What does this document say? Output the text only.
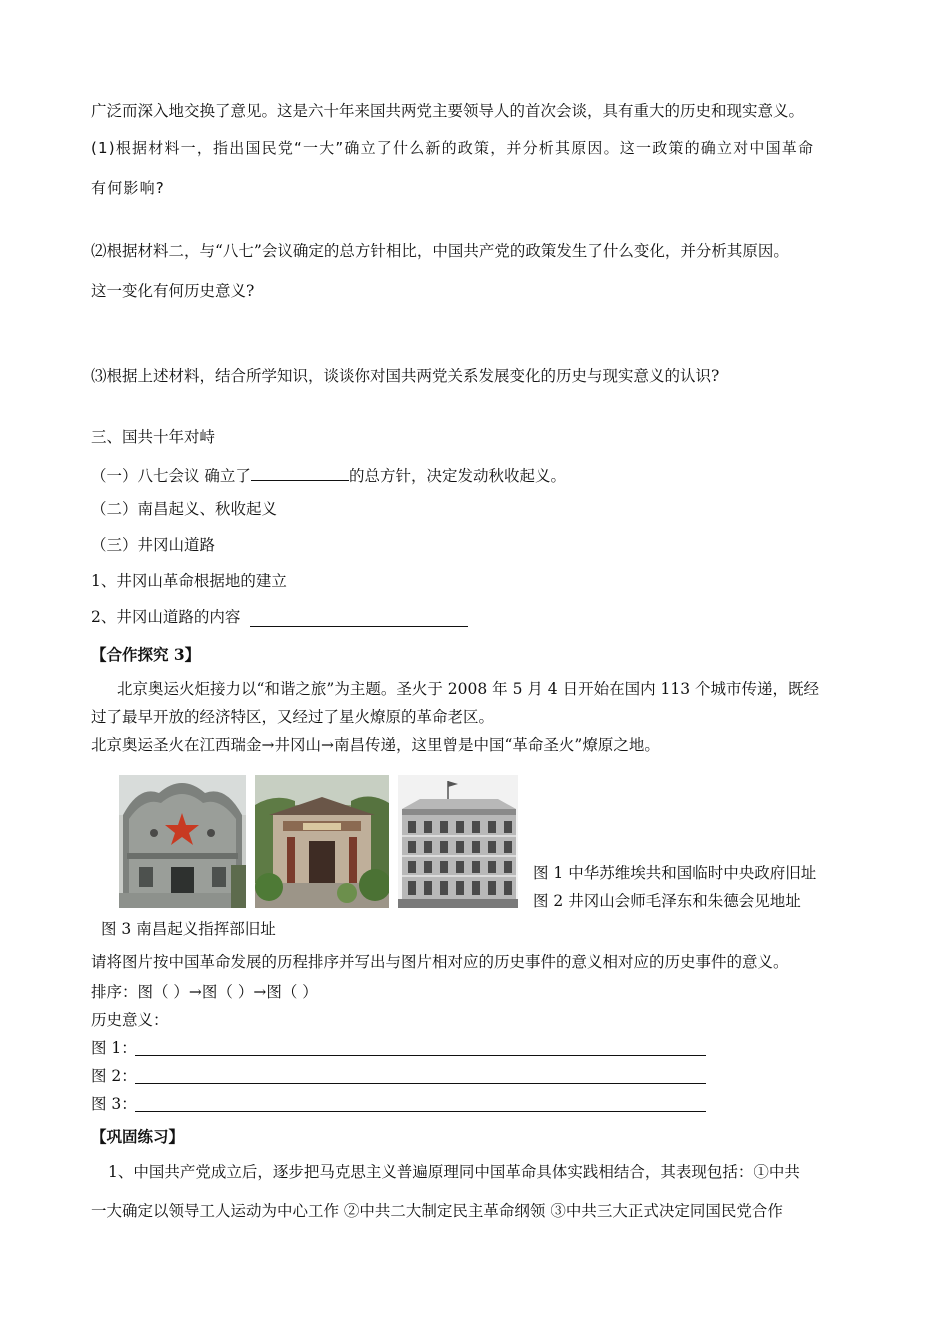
广泛而深入地交换了意见。这是六十年来国共两党主要领导人的首次会谈，具有重大的历史和现实意义。
(1)根据材料一，指出国民党“一大”确立了什么新的政策，并分析其原因。这一政策的确立对中国革命
有何影响?
⑵根据材料二，与“八七”会议确定的总方针相比，中国共产党的政策发生了什么变化，并分析其原因。
这一变化有何历史意义?
⑶根据上述材料，结合所学知识，谈谈你对国共两党关系发展变化的历史与现实意义的认识?
三、国共十年对峙
（一）八七会议 确立了	的总方针，决定发动秋收起义。
（二）南昌起义、秋收起义
（三）井冈山道路
1、井冈山革命根据地的建立
2、井冈山道路的内容
【合作探究 3】
北京奥运火炬接力以“和谐之旅”为主题。圣火于 2008 年 5 月 4 日开始在国内 113 个城市传递，既经
过了最早开放的经济特区，又经过了星火燎原的革命老区。
北京奥运圣火在江西瑞金→井冈山→南昌传递，这里曾是中国“革命圣火”燎原之地。
图 1 中华苏维埃共和国临时中央政府旧址
图 2 井冈山会师毛泽东和朱德会见地址
图 3 南昌起义指挥部旧址
请将图片按中国革命发展的历程排序并写出与图片相对应的历史事件的意义相对应的历史事件的意义。
排序：图（ ）→图（ ）→图（ ）
历史意义：
图 1：
图 2：
图 3：
【巩固练习】
1、中国共产党成立后，逐步把马克思主义普遍原理同中国革命具体实践相结合，其表现包括：①中共
一大确定以领导工人运动为中心工作 ②中共二大制定民主革命纲领 ③中共三大正式决定同国民党合作
